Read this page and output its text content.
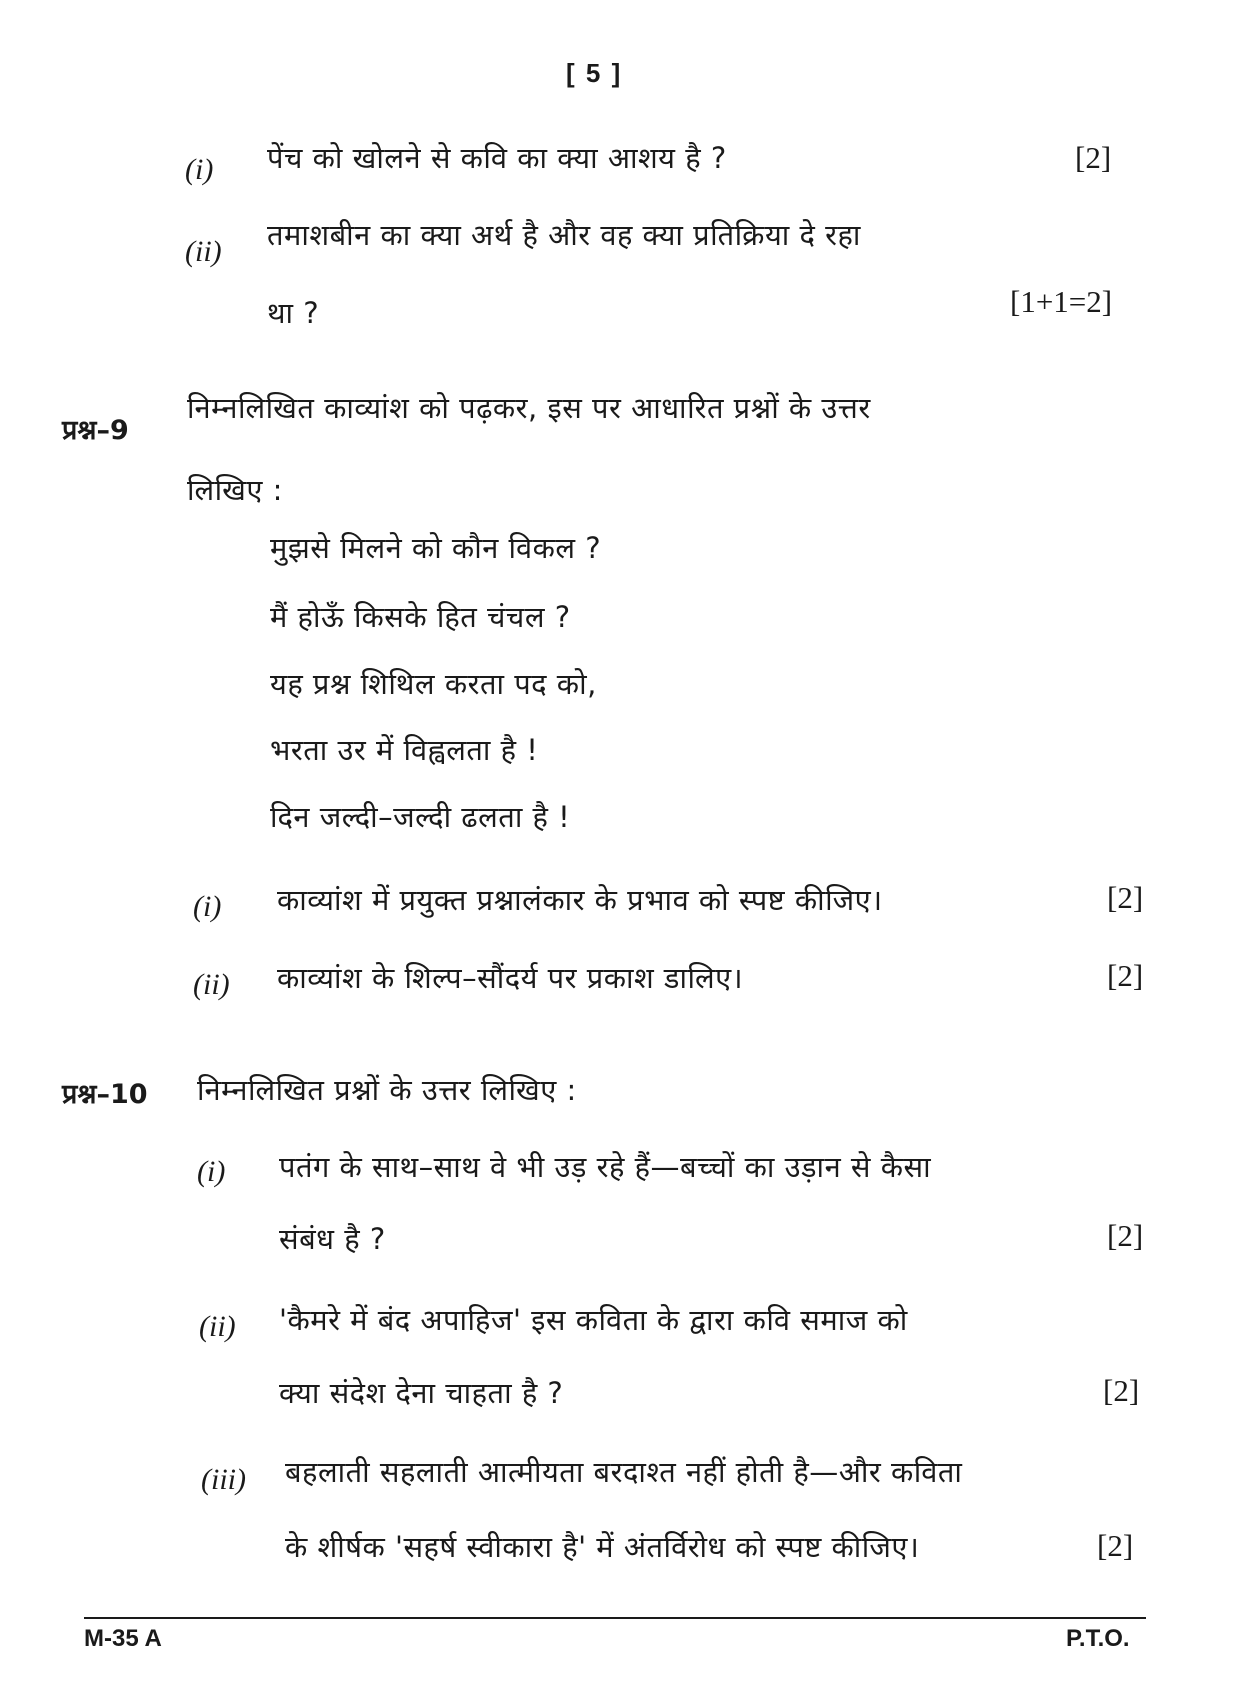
[ 5 ]
(i) पेंच को खोलने से कवि का क्या आशय है ?	[2]
(ii) तमाशबीन का क्या अर्थ है और वह क्या प्रतिक्रिया दे रहा
था ?	[1+1=2]
प्रश्न–9
निम्नलिखित काव्यांश को पढ़कर, इस पर आधारित प्रश्नों के उत्तर
लिखिए :
मुझसे मिलने को कौन विकल ?
मैं होऊँ किसके हित चंचल ?
यह प्रश्न शिथिल करता पद को,
भरता उर में विह्वलता है !
दिन जल्दी–जल्दी ढलता है !
(i) काव्यांश में प्रयुक्त प्रश्नालंकार के प्रभाव को स्पष्ट कीजिए।	[2]
(ii) काव्यांश के शिल्प–सौंदर्य पर प्रकाश डालिए।	[2]
प्रश्न–10 निम्नलिखित प्रश्नों के उत्तर लिखिए :
(i) पतंग के साथ–साथ वे भी उड़ रहे हैं—बच्चों का उड़ान से कैसा
संबंध है ?	[2]
(ii) 'कैमरे में बंद अपाहिज' इस कविता के द्वारा कवि समाज को
क्या संदेश देना चाहता है ?	[2]
(iii) बहलाती सहलाती आत्मीयता बरदाश्त नहीं होती है—और कविता
के शीर्षक 'सहर्ष स्वीकारा है' में अंतर्विरोध को स्पष्ट कीजिए।	[2]
M-35 A	P.T.O.
